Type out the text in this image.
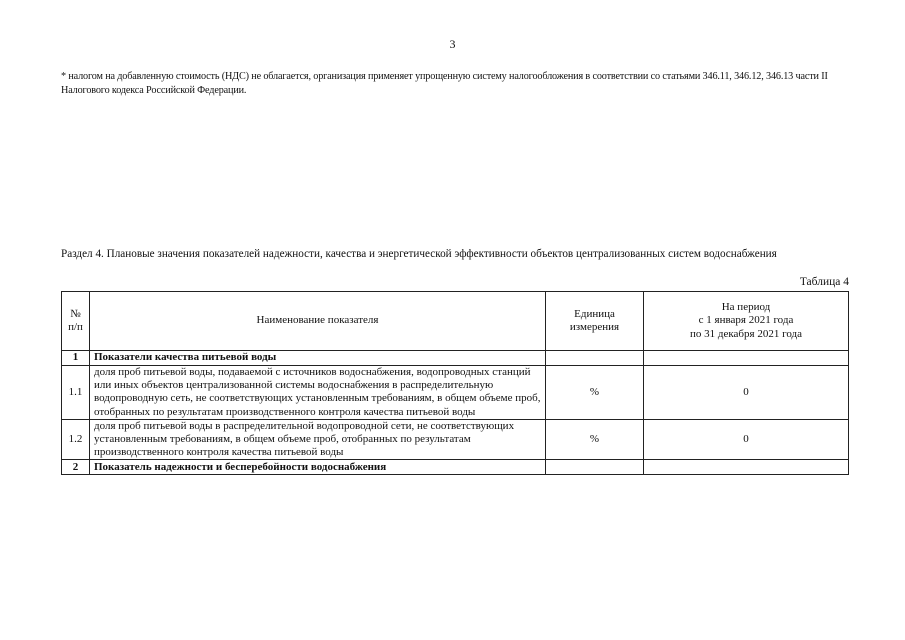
3
* налогом на добавленную стоимость (НДС) не облагается, организация применяет упрощенную систему налогообложения в соответствии со статьями 346.11, 346.12, 346.13 части II Налогового кодекса Российской Федерации.
Раздел 4. Плановые значения показателей надежности, качества и энергетической эффективности объектов централизованных систем водоснабжения
Таблица 4
№ п/п	Наименование показателя	Единица измерения	На период
с 1 января 2021 года
по 31 декабря 2021 года

1	Показатели качества питьевой воды		
1.1	доля проб питьевой воды, подаваемой с источников водоснабжения, водопроводных станций или иных объектов централизованной системы водоснабжения в распределительную водопроводную сеть, не соответствующих установленным требованиям, в общем объеме проб, отобранных по результатам производственного контроля качества питьевой воды	%	0
1.2	доля проб питьевой воды в распределительной водопроводной сети, не соответствующих установленным требованиям, в общем объеме проб, отобранных по результатам производственного контроля качества питьевой воды	%	0
2	Показатель надежности и бесперебойности водоснабжения		
